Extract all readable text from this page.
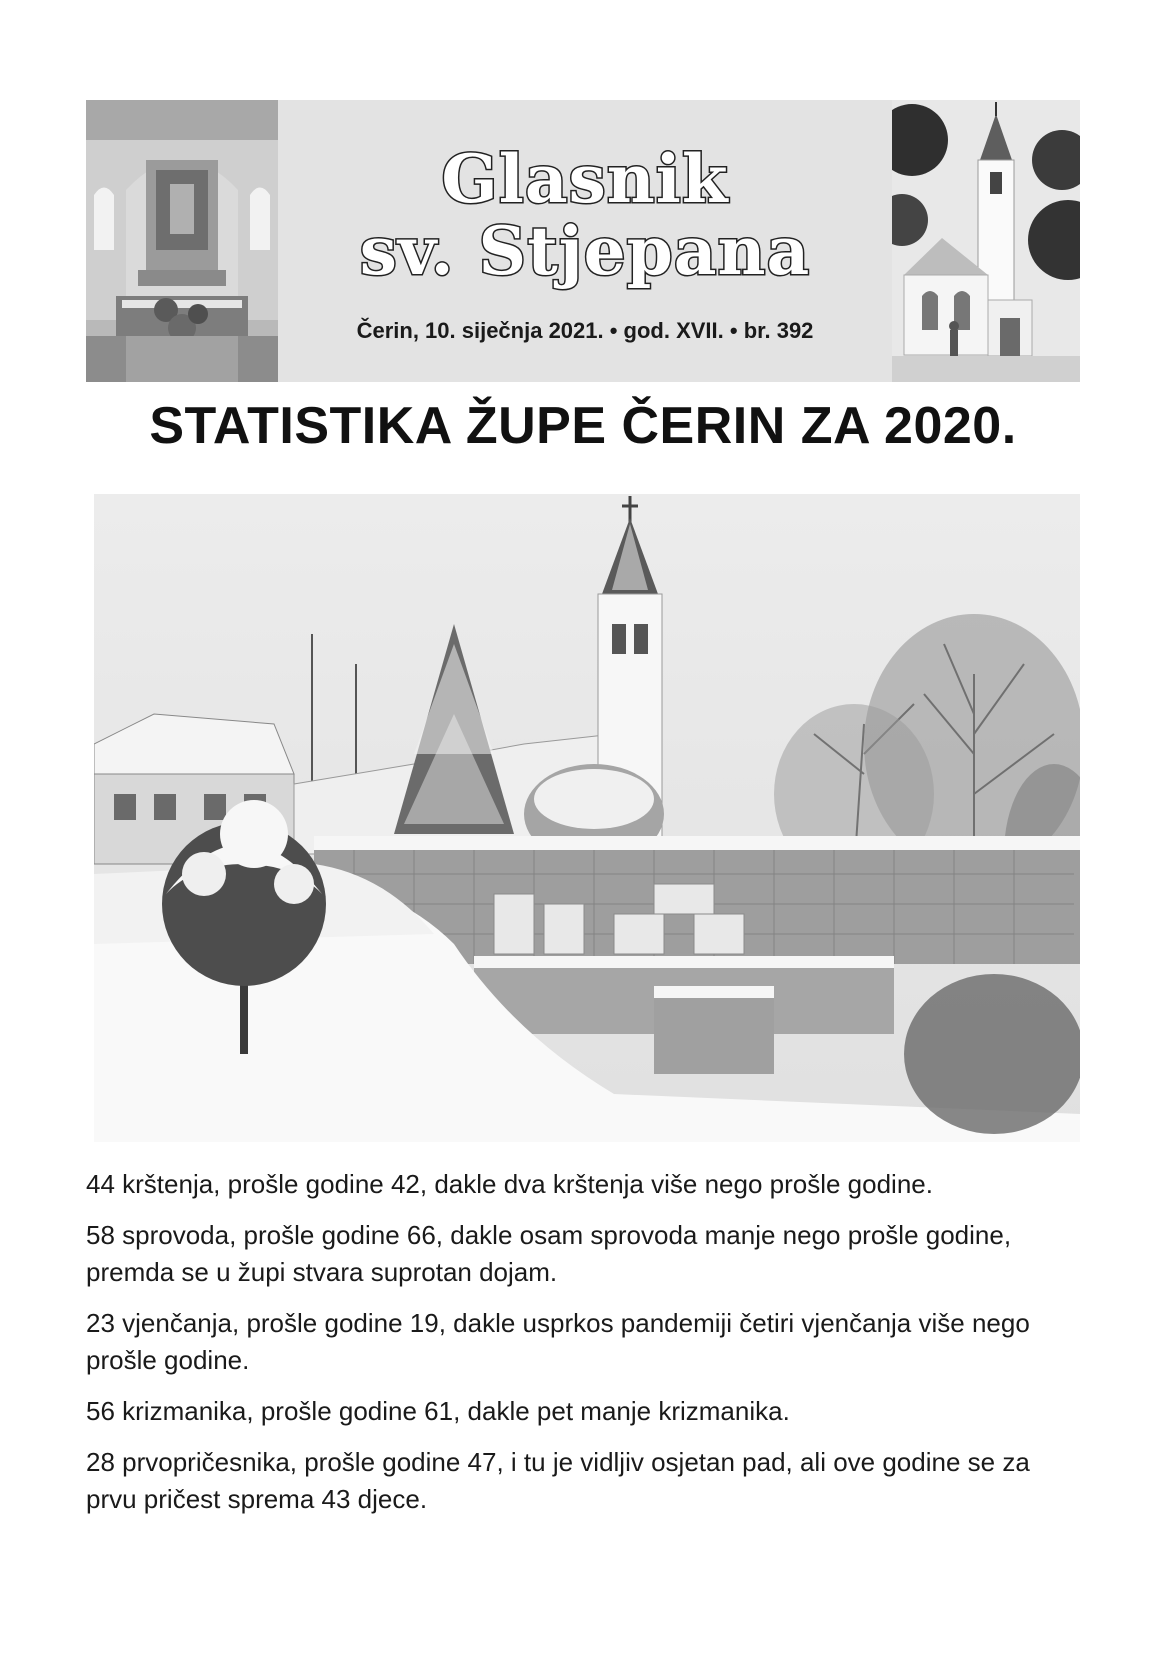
Glasnik
sv. Stjepana
Čerin, 10. siječnja 2021. • god. XVII. • br. 392
STATISTIKA ŽUPE ČERIN ZA 2020.

44 krštenja, prošle godine 42, dakle dva krštenja više nego prošle godine.

58 sprovoda, prošle godine 66, dakle osam sprovoda manje nego prošle godine, premda se u župi stvara suprotan dojam.

23 vjenčanja, prošle godine 19, dakle usprkos pandemiji četiri vjenčanja više nego prošle godine.

56 krizmanika, prošle godine 61, dakle pet manje krizmanika.

28 prvopričesnika, prošle godine 47, i tu je vidljiv osjetan pad, ali ove godine se za prvu pričest sprema 43 djece.
